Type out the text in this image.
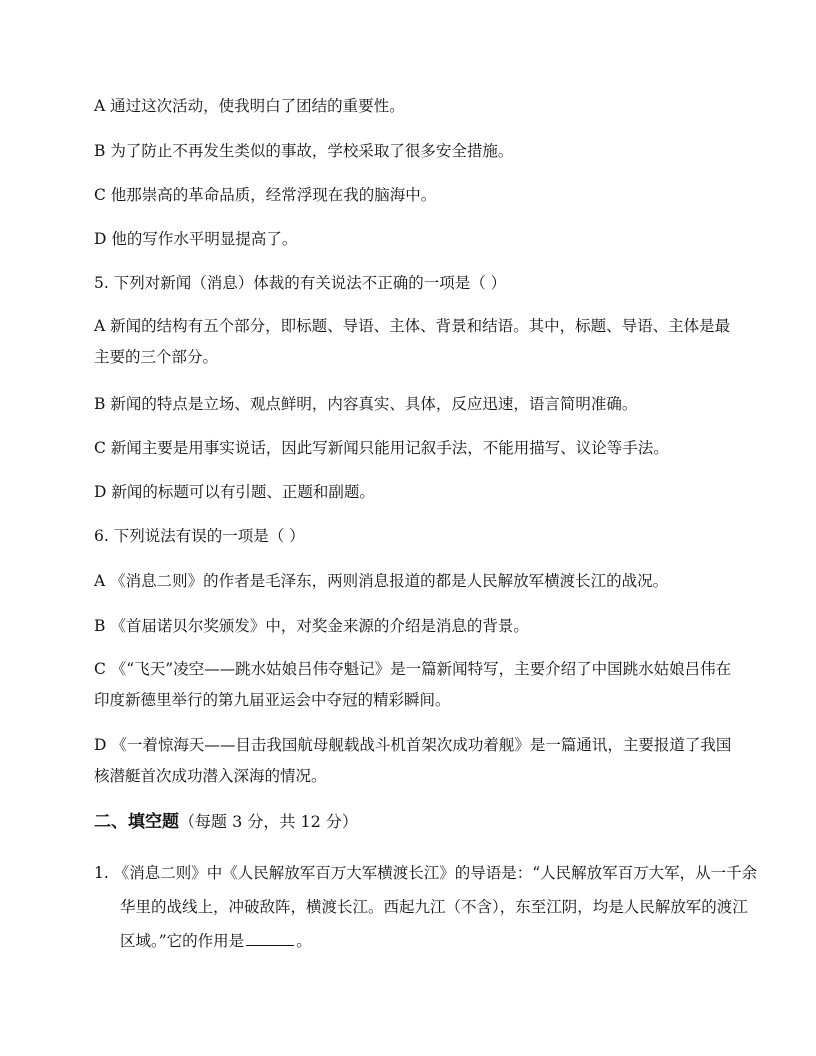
A 通过这次活动，使我明白了团结的重要性。
B 为了防止不再发生类似的事故，学校采取了很多安全措施。
C 他那崇高的革命品质，经常浮现在我的脑海中。
D 他的写作水平明显提高了。
5. 下列对新闻（消息）体裁的有关说法不正确的一项是（ ）
A 新闻的结构有五个部分，即标题、导语、主体、背景和结语。其中，标题、导语、主体是最主要的三个部分。
B 新闻的特点是立场、观点鲜明，内容真实、具体，反应迅速，语言简明准确。
C 新闻主要是用事实说话，因此写新闻只能用记叙手法，不能用描写、议论等手法。
D 新闻的标题可以有引题、正题和副题。
6. 下列说法有误的一项是（ ）
A 《消息二则》的作者是毛泽东，两则消息报道的都是人民解放军横渡长江的战况。
B 《首届诺贝尔奖颁发》中，对奖金来源的介绍是消息的背景。
C 《“飞天”凌空——跳水姑娘吕伟夺魁记》是一篇新闻特写，主要介绍了中国跳水姑娘吕伟在印度新德里举行的第九届亚运会中夺冠的精彩瞬间。
D 《一着惊海天——目击我国航母舰载战斗机首架次成功着舰》是一篇通讯，主要报道了我国核潜艇首次成功潜入深海的情况。
二、填空题（每题 3 分，共 12 分）
1. 《消息二则》中《人民解放军百万大军横渡长江》的导语是：“人民解放军百万大军，从一千余华里的战线上，冲破敌阵，横渡长江。西起九江（不含），东至江阴，均是人民解放军的渡江区域。”它的作用是	。
